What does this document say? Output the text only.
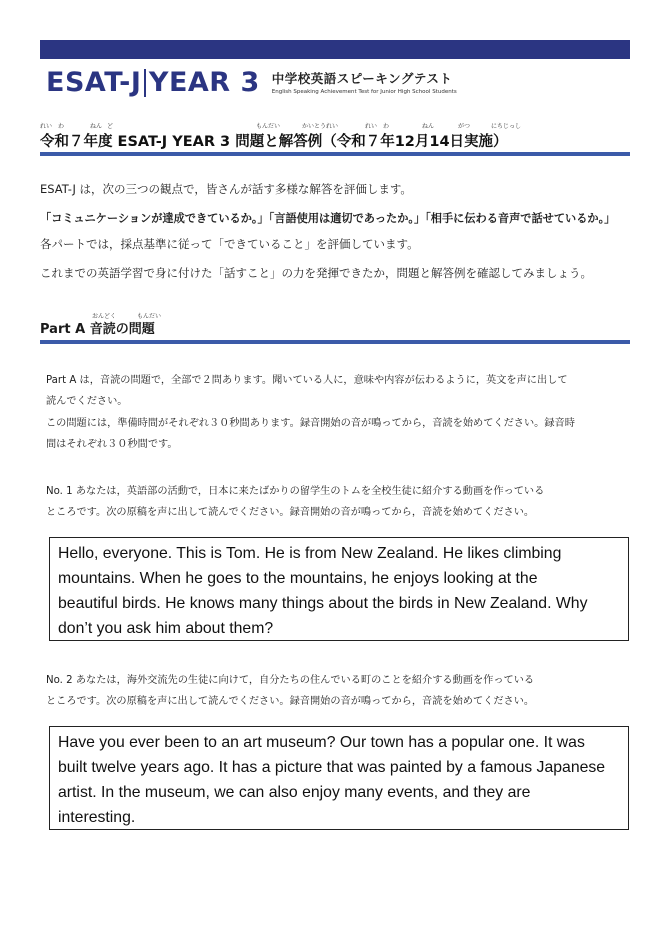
ESAT-J YEAR 3 中学校英語スピーキングテスト
English Speaking Achievement Test for Junior High School Students
れい わ	ねん ど	もんだい	かいとうれい	れい わ	ねん	がつ	にちじっし
令和７年度 ESAT-J YEAR 3 問題と解答例（令和７年12月14日実施）
ESAT-J は，次の三つの観点で，皆さんが話す多様な解答を評価します。
「コミュニケーションが達成できているか。」「言語使用は適切であったか。」「相手に伝わる音声で話せているか。」
各パートでは，採点基準に従って「できていること」を評価しています。
これまでの英語学習で身に付けた「話すこと」の力を発揮できたか，問題と解答例を確認してみましょう。
おんどく	もんだい
Part A 音読の問題
Part A は，音読の問題で，全部で２問あります。聞いている人に，意味や内容が伝わるように，英文を声に出して
読んでください。
この問題には，準備時間がそれぞれ３０秒間あります。録音開始の音が鳴ってから，音読を始めてください。録音時
間はそれぞれ３０秒間です。
No. 1 あなたは，英語部の活動で，日本に来たばかりの留学生のトムを全校生徒に紹介する動画を作っている
ところです。次の原稿を声に出して読んでください。録音開始の音が鳴ってから，音読を始めてください。
Hello, everyone. This is Tom. He is from New Zealand. He likes climbing
mountains. When he goes to the mountains, he enjoys looking at the
beautiful birds. He knows many things about the birds in New Zealand. Why
don’t you ask him about them?
No. 2 あなたは，海外交流先の生徒に向けて，自分たちの住んでいる町のことを紹介する動画を作っている
ところです。次の原稿を声に出して読んでください。録音開始の音が鳴ってから，音読を始めてください。
Have you ever been to an art museum? Our town has a popular one. It was
built twelve years ago. It has a picture that was painted by a famous Japanese
artist. In the museum, we can also enjoy many events, and they are
interesting.
